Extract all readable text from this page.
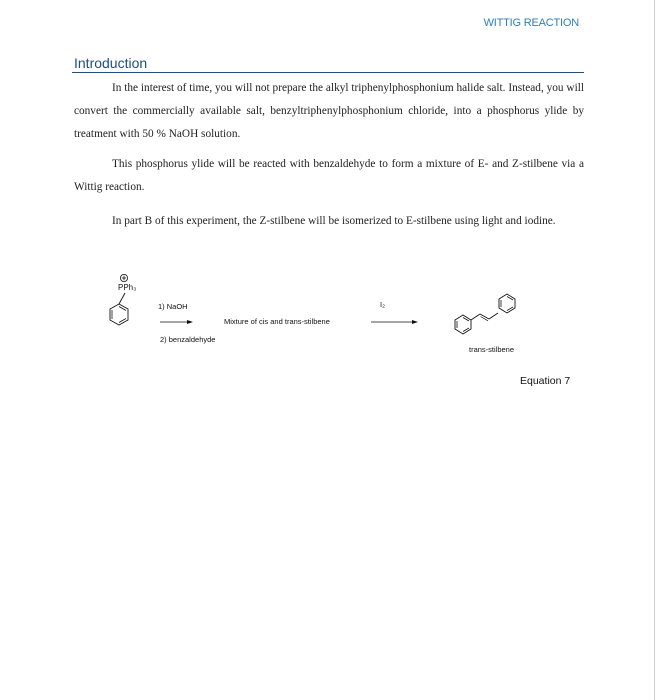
WITTIG REACTION
Introduction

In the interest of time, you will not prepare the alkyl triphenylphosphonium halide salt. Instead, you will convert the commercially available salt, benzyltriphenylphosphonium chloride, into a phosphorus ylide by treatment with 50 % NaOH solution.

This phosphorus ylide will be reacted with benzaldehyde to form a mixture of E- and Z-stilbene via a Wittig reaction.

In part B of this experiment, the Z-stilbene will be isomerized to E-stilbene using light and iodine.

PPh₃
1) NaOH
2) benzaldehyde
Mixture of cis and trans-stilbene
I₂
trans-stilbene
Equation 7
